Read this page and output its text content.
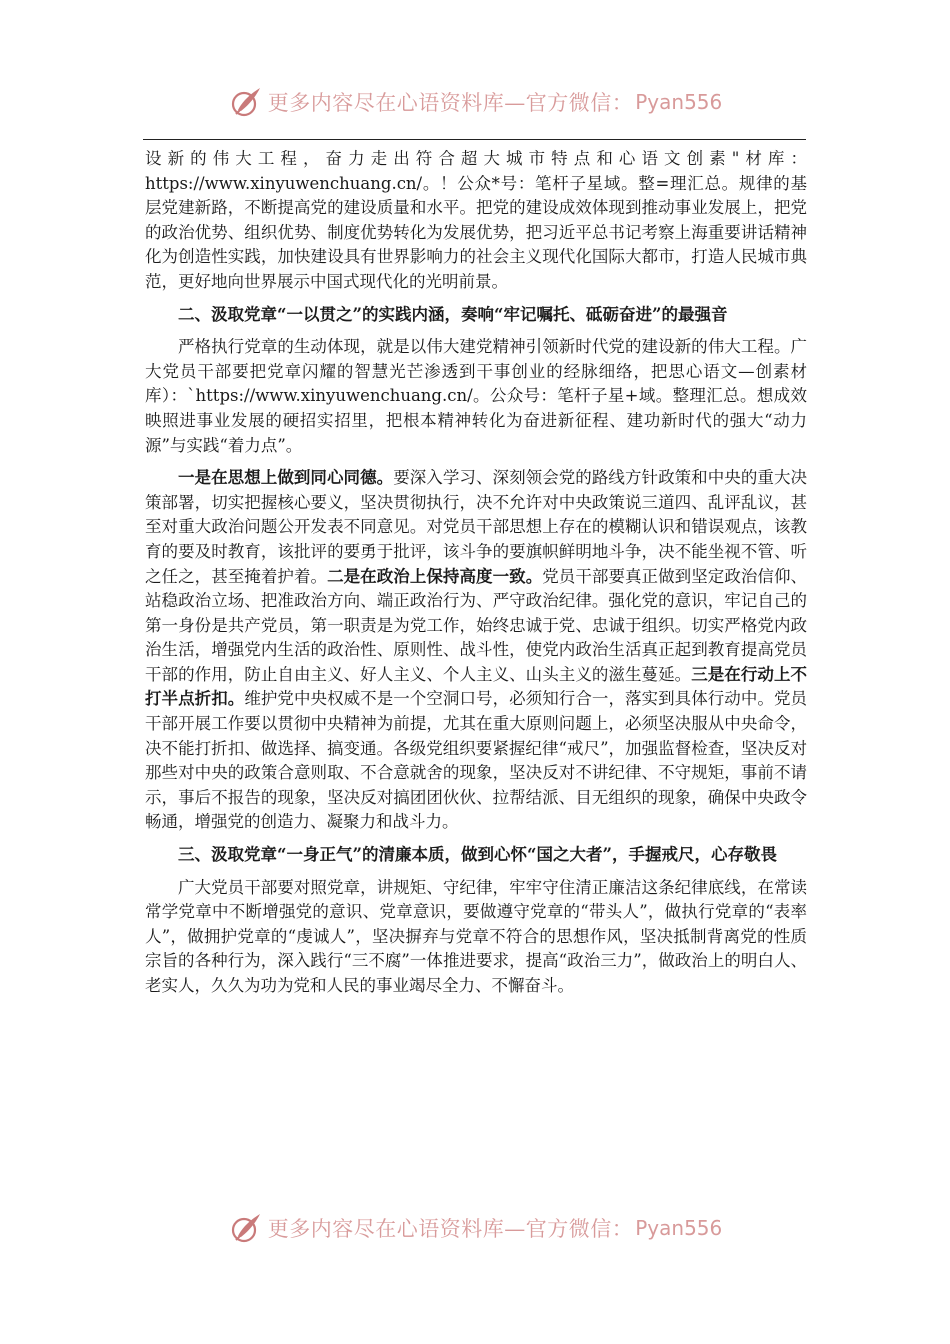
更多内容尽在心语资料库—官方微信： Pyan556

设新的伟大工程，奋力走出符合超大城市特点和心语文创素"材库：https://www.xinyuwenchuang.cn/。！公众*号：笔杆子星域。整=理汇总。规律的基层党建新路，不断提高党的建设质量和水平。把党的建设成效体现到推动事业发展上，把党的政治优势、组织优势、制度优势转化为发展优势，把习近平总书记考察上海重要讲话精神化为创造性实践，加快建设具有世界影响力的社会主义现代化国际大都市，打造人民城市典范，更好地向世界展示中国式现代化的光明前景。

二、汲取党章“一以贯之”的实践内涵，奏响“牢记嘱托、砥砺奋进”的最强音

严格执行党章的生动体现，就是以伟大建党精神引领新时代党的建设新的伟大工程。广大党员干部要把党章闪耀的智慧光芒渗透到干事创业的经脉细络，把思心语文—创素材库）：`https://www.xinyuwenchuang.cn/。公众号：笔杆子星+域。整理汇总。想成效映照进事业发展的硬招实招里，把根本精神转化为奋进新征程、建功新时代的强大“动力源”与实践“着力点”。

一是在思想上做到同心同德。要深入学习、深刻领会党的路线方针政策和中央的重大决策部署，切实把握核心要义，坚决贯彻执行，决不允许对中央政策说三道四、乱评乱议，甚至对重大政治问题公开发表不同意见。对党员干部思想上存在的模糊认识和错误观点，该教育的要及时教育，该批评的要勇于批评，该斗争的要旗帜鲜明地斗争，决不能坐视不管、听之任之，甚至掩着护着。二是在政治上保持高度一致。党员干部要真正做到坚定政治信仰、站稳政治立场、把准政治方向、端正政治行为、严守政治纪律。强化党的意识，牢记自己的第一身份是共产党员，第一职责是为党工作，始终忠诚于党、忠诚于组织。切实严格党内政治生活，增强党内生活的政治性、原则性、战斗性，使党内政治生活真正起到教育提高党员干部的作用，防止自由主义、好人主义、个人主义、山头主义的滋生蔓延。三是在行动上不打半点折扣。维护党中央权威不是一个空洞口号，必须知行合一，落实到具体行动中。党员干部开展工作要以贯彻中央精神为前提，尤其在重大原则问题上，必须坚决服从中央命令，决不能打折扣、做选择、搞变通。各级党组织要紧握纪律“戒尺”，加强监督检查，坚决反对那些对中央的政策合意则取、不合意就舍的现象，坚决反对不讲纪律、不守规矩，事前不请示，事后不报告的现象，坚决反对搞团团伙伙、拉帮结派、目无组织的现象，确保中央政令畅通，增强党的创造力、凝聚力和战斗力。

三、汲取党章“一身正气”的清廉本质，做到心怀“国之大者”，手握戒尺，心存敬畏

广大党员干部要对照党章，讲规矩、守纪律，牢牢守住清正廉洁这条纪律底线，在常读常学党章中不断增强党的意识、党章意识，要做遵守党章的“带头人”，做执行党章的“表率人”，做拥护党章的“虔诚人”，坚决摒弃与党章不符合的思想作风，坚决抵制背离党的性质宗旨的各种行为，深入践行“三不腐”一体推进要求，提高“政治三力”，做政治上的明白人、老实人，久久为功为党和人民的事业竭尽全力、不懈奋斗。

更多内容尽在心语资料库—官方微信： Pyan556
